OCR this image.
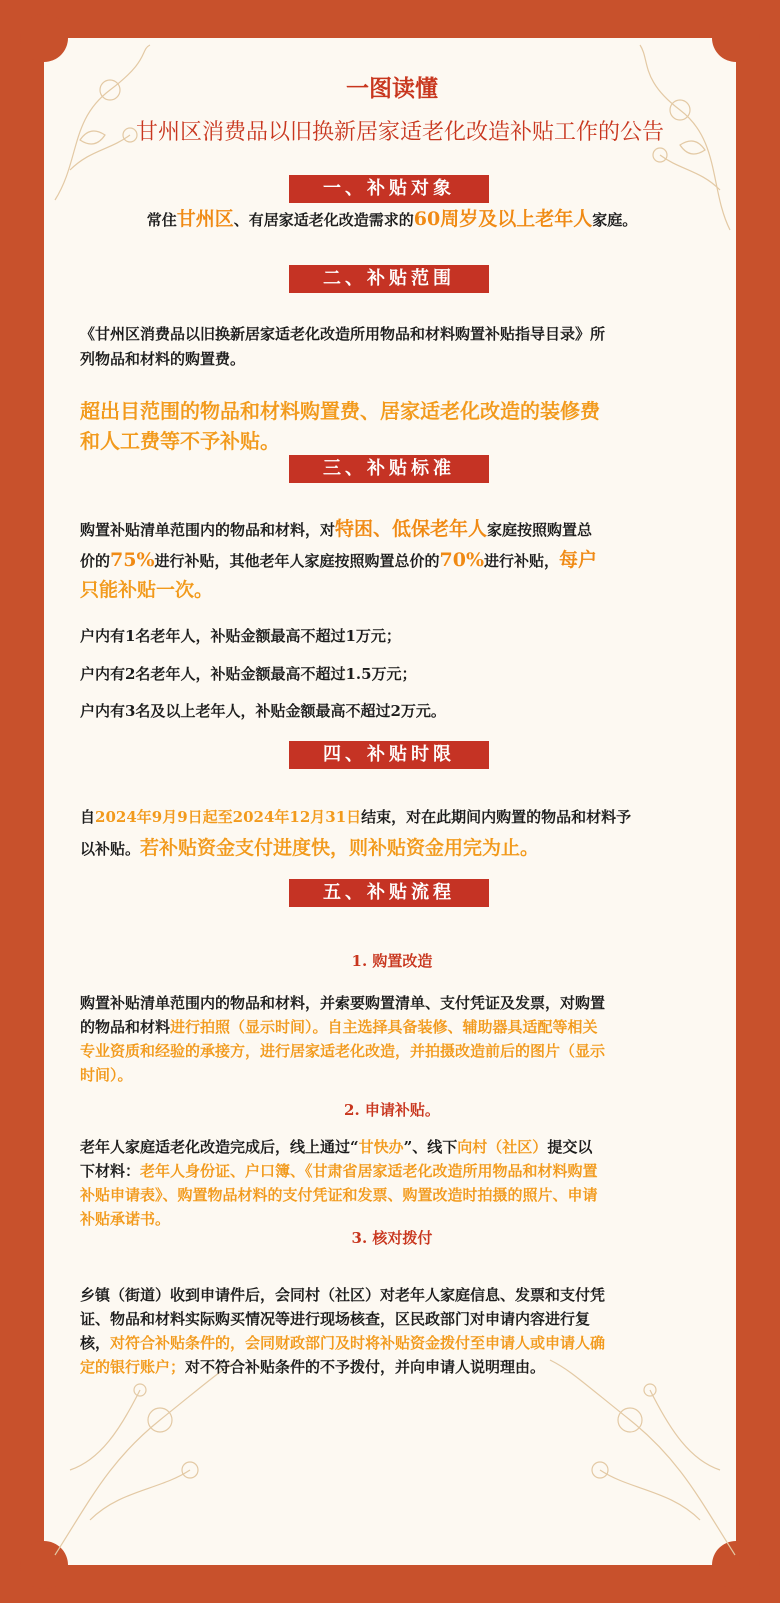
一图读懂
甘州区消费品以旧换新居家适老化改造补贴工作的公告
一、补贴对象
常住甘州区、有居家适老化改造需求的60周岁及以上老年人家庭。
二、补贴范围
《甘州区消费品以旧换新居家适老化改造所用物品和材料购置补贴指导目录》所
列物品和材料的购置费。
超出目范围的物品和材料购置费、居家适老化改造的装修费
和人工费等不予补贴。
三、补贴标准
购置补贴清单范围内的物品和材料，对特困、低保老年人家庭按照购置总
价的75%进行补贴，其他老年人家庭按照购置总价的70%进行补贴，每户
只能补贴一次。
户内有1名老年人，补贴金额最高不超过1万元；
户内有2名老年人，补贴金额最高不超过1.5万元；
户内有3名及以上老年人，补贴金额最高不超过2万元。
四、补贴时限
自2024年9月9日起至2024年12月31日结束，对在此期间内购置的物品和材料予
以补贴。若补贴资金支付进度快，则补贴资金用完为止。
五、补贴流程
1. 购置改造
购置补贴清单范围内的物品和材料，并索要购置清单、支付凭证及发票，对购置
的物品和材料进行拍照（显示时间）。自主选择具备装修、辅助器具适配等相关
专业资质和经验的承接方，进行居家适老化改造，并拍摄改造前后的图片（显示
时间）。
2. 申请补贴。
老年人家庭适老化改造完成后，线上通过“甘快办”、线下向村（社区）提交以
下材料：老年人身份证、户口簿、《甘肃省居家适老化改造所用物品和材料购置
补贴申请表》、购置物品材料的支付凭证和发票、购置改造时拍摄的照片、申请
补贴承诺书。
3. 核对拨付
乡镇（街道）收到申请件后，会同村（社区）对老年人家庭信息、发票和支付凭
证、物品和材料实际购买情况等进行现场核查，区民政部门对申请内容进行复
核，对符合补贴条件的，会同财政部门及时将补贴资金拨付至申请人或申请人确
定的银行账户；对不符合补贴条件的不予拨付，并向申请人说明理由。
